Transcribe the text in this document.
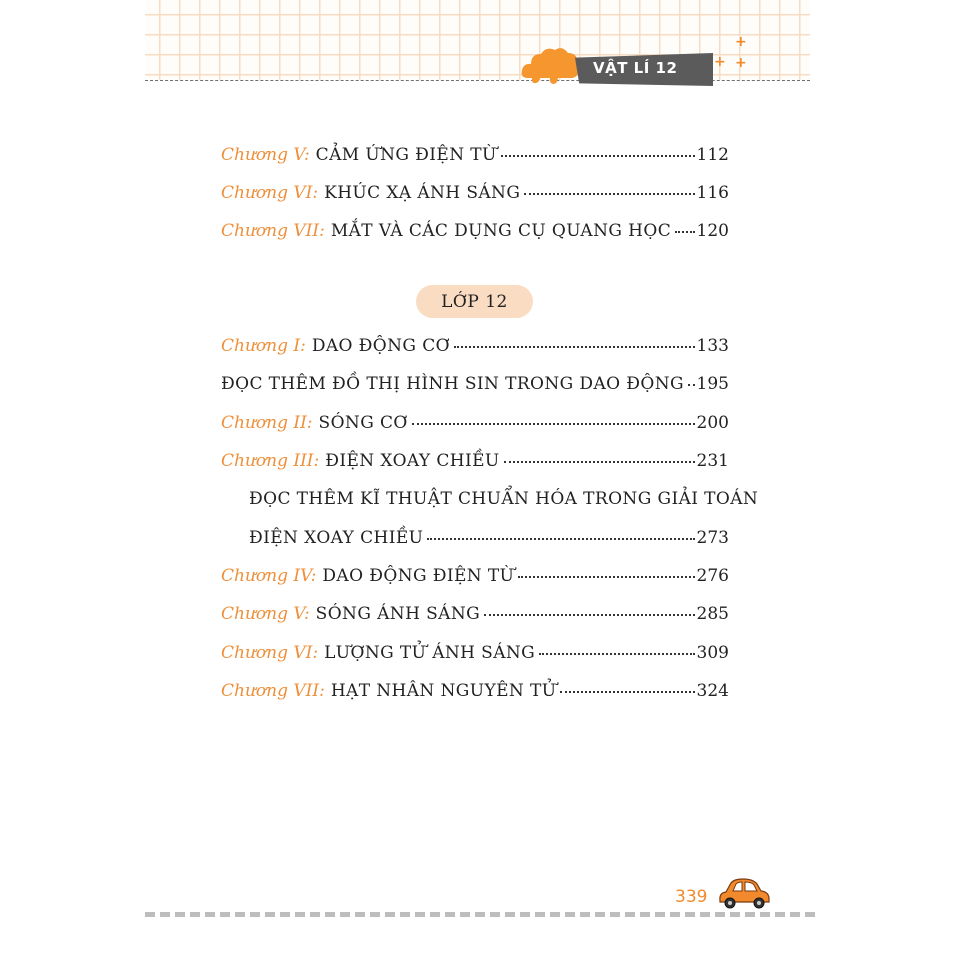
VẬT LÍ 12
+
+ +
Chương V: CẢM ỨNG ĐIỆN TỪ	112
Chương VI: KHÚC XẠ ÁNH SÁNG	116
Chương VII: MẮT VÀ CÁC DỤNG CỤ QUANG HỌC 120
LỚP 12
Chương I: DAO ĐỘNG CƠ	133
ĐỌC THÊM ĐỒ THỊ HÌNH SIN TRONG DAO ĐỘNG 195
Chương II: SÓNG CƠ	200
Chương III: ĐIỆN XOAY CHIỀU	231
ĐỌC THÊM KĨ THUẬT CHUẨN HÓA TRONG GIẢI TOÁN
ĐIỆN XOAY CHIỀU	273
Chương IV: DAO ĐỘNG ĐIỆN TỪ	276
Chương V: SÓNG ÁNH SÁNG	285
Chương VI: LƯỢNG TỬ ÁNH SÁNG	309
Chương VII: HẠT NHÂN NGUYÊN TỬ	324
339
